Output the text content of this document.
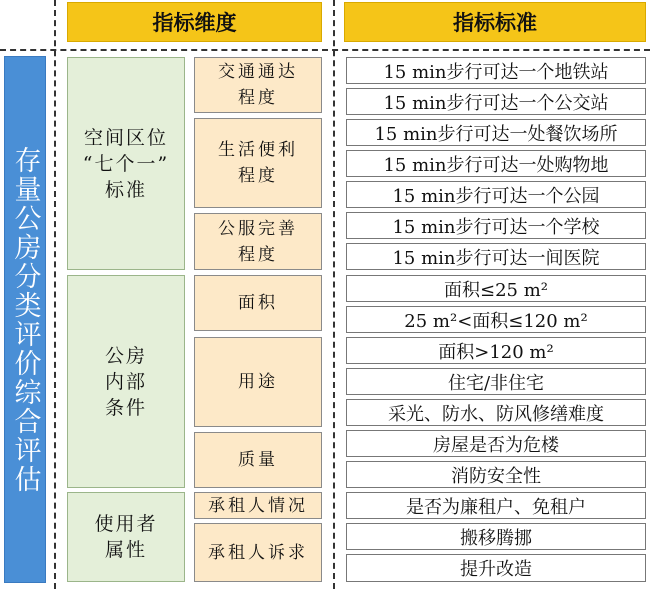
指标维度	指标标准
存量公房分类评价综合评估
空间区位
“七个一”
标准
公房
内部
条件
使用者
属性
交通通达
程度
生活便利
程度
公服完善
程度
面积
用途
质量
承租人情况
承租人诉求
15 min步行可达一个地铁站
15 min步行可达一个公交站
15 min步行可达一处餐饮场所
15 min步行可达一处购物地
15 min步行可达一个公园
15 min步行可达一个学校
15 min步行可达一间医院
面积≤25 m²
25 m²<面积≤120 m²
面积>120 m²
住宅/非住宅
采光、防水、防风修缮难度
房屋是否为危楼
消防安全性
是否为廉租户、免租户
搬移腾挪
提升改造
